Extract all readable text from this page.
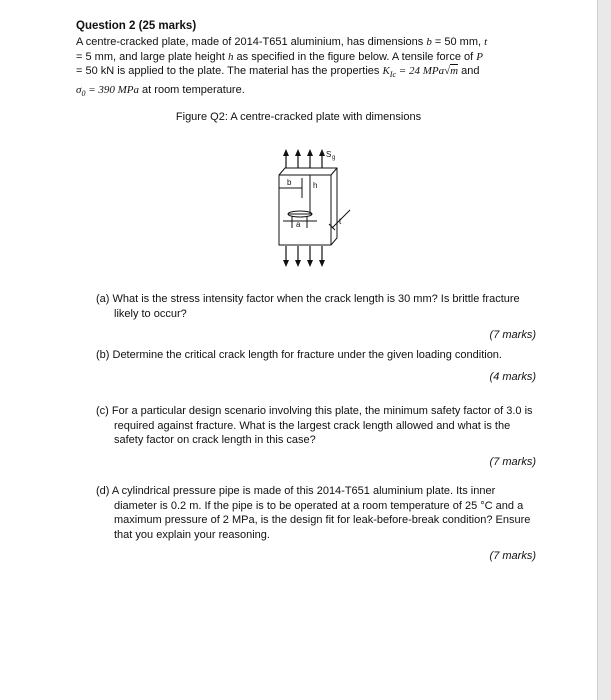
Question 2 (25 marks)

A centre-cracked plate, made of 2014-T651 aluminium, has dimensions b = 50 mm, t

= 5 mm, and large plate height h as specified in the figure below. A tensile force of P

= 50 kN is applied to the plate. The material has the properties $K_{Ic} = 24$ MPa√m and

$\sigma_0 = 390$ MPa at room temperature.

Figure Q2: A centre-cracked plate with dimensions
S g
b	h
a	t
(a) What is the stress intensity factor when the crack length is 30 mm? Is brittle fracture likely to occur?
(7 marks)
(b) Determine the critical crack length for fracture under the given loading condition.
(4 marks)
(c) For a particular design scenario involving this plate, the minimum safety factor of 3.0 is required against fracture. What is the largest crack length allowed and what is the safety factor on crack length in this case?
(7 marks)
(d) A cylindrical pressure pipe is made of this 2014-T651 aluminium plate. Its inner diameter is 0.2 m. If the pipe is to be operated at a room temperature of 25 °C and a maximum pressure of 2 MPa, is the design fit for leak-before-break condition? Ensure that you explain your reasoning.
(7 marks)
